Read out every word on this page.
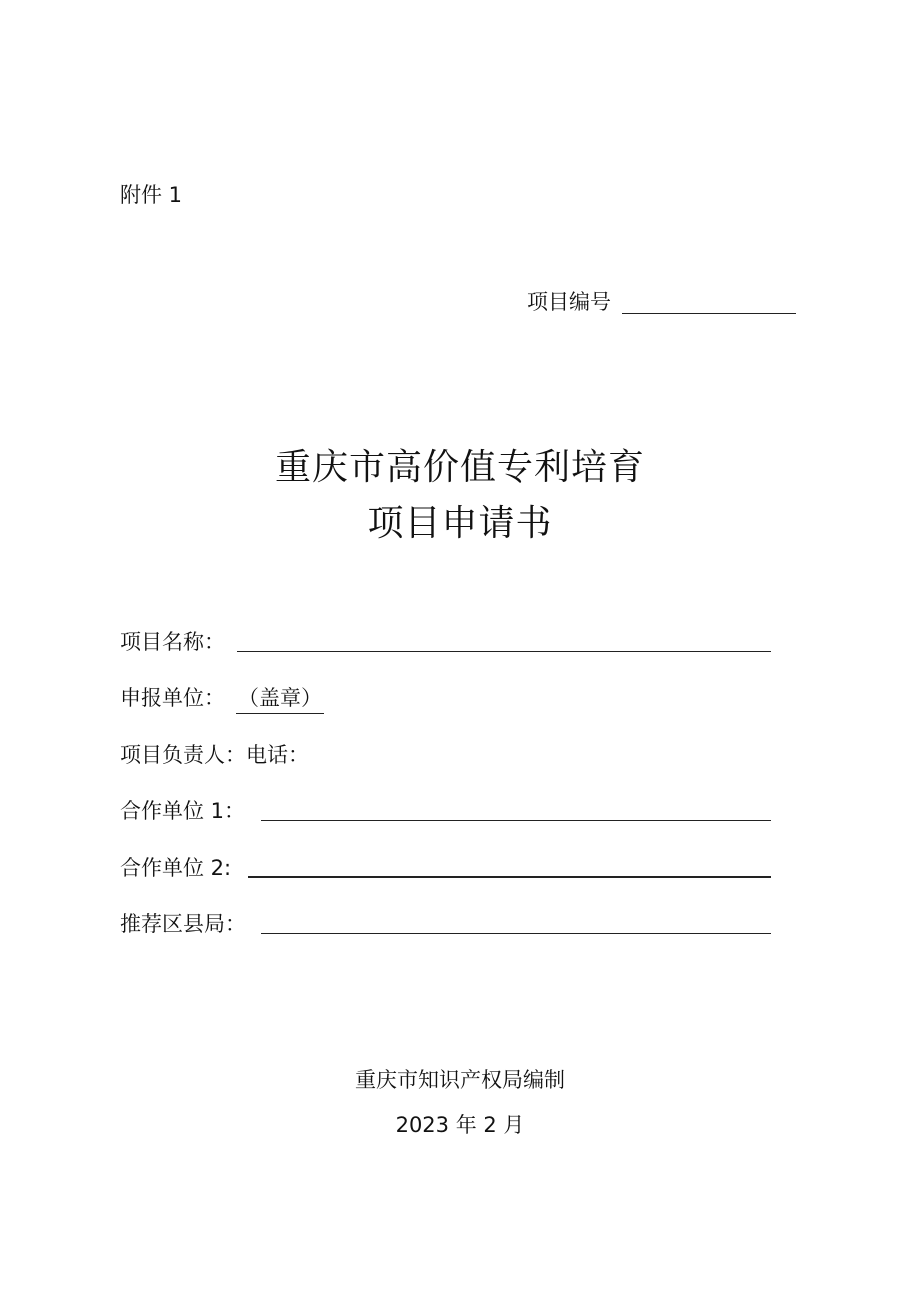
附件 1
项目编号
重庆市高价值专利培育
项目申请书
项目名称：
申报单位： （盖章）
项目负责人：电话：
合作单位 1：
合作单位 2:
推荐区县局：
重庆市知识产权局编制
2023 年 2 月
